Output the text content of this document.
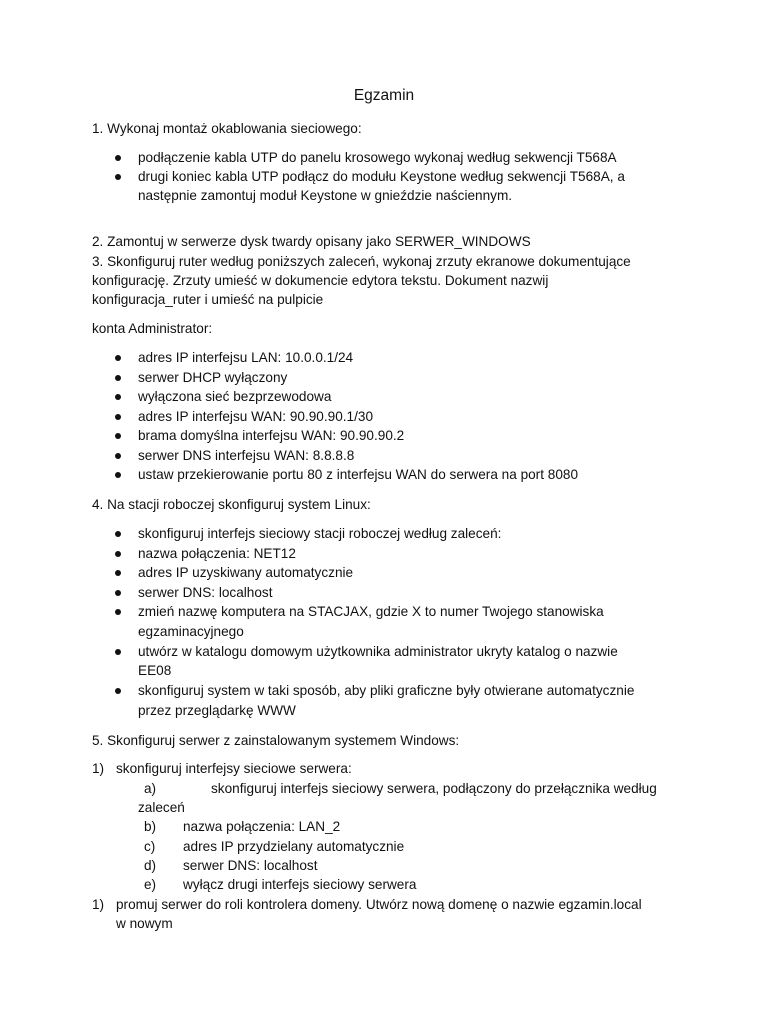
Egzamin
1. Wykonaj montaż okablowania sieciowego:
podłączenie kabla UTP do panelu krosowego wykonaj według sekwencji T568A
drugi koniec kabla UTP podłącz do modułu Keystone według sekwencji T568A, a
następnie zamontuj moduł Keystone w gnieździe naściennym.
2. Zamontuj w serwerze dysk twardy opisany jako SERWER_WINDOWS
3. Skonfiguruj ruter według poniższych zaleceń, wykonaj zrzuty ekranowe dokumentujące
konfigurację. Zrzuty umieść w dokumencie edytora tekstu. Dokument nazwij
konfiguracja_ruter i umieść na pulpicie
konta Administrator:
adres IP interfejsu LAN: 10.0.0.1/24
serwer DHCP wyłączony
wyłączona sieć bezprzewodowa
adres IP interfejsu WAN: 90.90.90.1/30
brama domyślna interfejsu WAN: 90.90.90.2
serwer DNS interfejsu WAN: 8.8.8.8
ustaw przekierowanie portu 80 z interfejsu WAN do serwera na port 8080
4. Na stacji roboczej skonfiguruj system Linux:
skonfiguruj interfejs sieciowy stacji roboczej według zaleceń:
nazwa połączenia: NET12
adres IP uzyskiwany automatycznie
serwer DNS: localhost
zmień nazwę komputera na STACJAX, gdzie X to numer Twojego stanowiska
egzaminacyjnego
utwórz w katalogu domowym użytkownika administrator ukryty katalog o nazwie
EE08
skonfiguruj system w taki sposób, aby pliki graficzne były otwierane automatycznie
przez przeglądarkę WWW
5. Skonfiguruj serwer z zainstalowanym systemem Windows:
1) skonfiguruj interfejsy sieciowe serwera:
a)	skonfiguruj interfejs sieciowy serwera, podłączony do przełącznika według
zaleceń
b) nazwa połączenia: LAN_2
c) adres IP przydzielany automatycznie
d) serwer DNS: localhost
e) wyłącz drugi interfejs sieciowy serwera
1) promuj serwer do roli kontrolera domeny. Utwórz nową domenę o nazwie egzamin.local
w nowym
